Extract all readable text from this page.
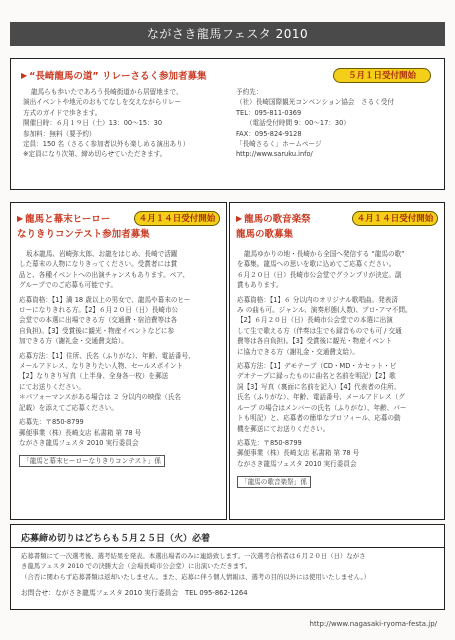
ながさき龍馬フェスタ 2010
▶ “長崎龍馬の道” リレーさるく参加者募集	５月１日受付開始

龍馬らも歩いたであろう長崎街道から居留地まで、

演出イベントや地元のおもてなしを交えながらリレー

方式のガイドで歩きます。

開催日時：６月１９日（土）13：00～15：30

参加料：無料（要予約）

定員：150 名（さるく参加者以外も楽しめる演出あり）

※定員になり次第、締め切らせていただきます。

予約先：

（社）長崎国際観光コンベンション協会　さるく受付

TEL：095-811-0369

　　（電話受付時間 9：00～17：30）

FAX：095-824-9128

「長崎さるく」ホームページ

http://www.saruku.info/

▶ 龍馬と幕末ヒーロー
なりきりコンテスト参加者募集
４月１４日受付開始

坂本龍馬、岩崎弥太郎、お龍をはじめ、長崎で活躍

した幕末の人物になりきってください。受賞者には賞

品と、各種イベントへの出演チャンスもあります。ペア、

グループでのご応募も可能です。

応募資格：【1】満 18 歳以上の男女で、龍馬や幕末のヒー

ローになりきれる方。【2】６月２０日（日）長崎市公

会堂での本選に出場できる方（交通費・宿泊費等は各

自負担)。【3】受賞後に観光・物産イベントなどに参

加できる方（謝礼金・交通費支給）。

応募方法：【1】住所、氏名（ふりがな）、年齢、電話番号、

メールアドレス、なりきりたい人物、セールスポイント

【2】なりきり写真（上半身、全身各一枚）を郵送

にてお送りください。

＊パフォーマンスがある場合は ２ 分以内の映像（氏名

記載）を添えてご応募ください。

応募先：〒850-8799

郵便事業（株）長崎支店 私書箱 第 78 号

ながさき龍馬フェスタ 2010 実行委員会

「龍馬と幕末ヒーローなりきりコンテスト」係
▶ 龍馬の歌音楽祭
龍馬の歌募集
４月１４日受付開始

龍馬ゆかりの地・長崎から全国へ発信する “龍馬の歌”

を募集。龍馬への思いを歌に込めてご応募ください。

６月２０日（日）長崎市公会堂でグランプリが決定。副

賞もあります。

応募資格：【1】６ 分以内のオリジナル歌唱曲。発表済

み の曲も可。ジャンル、演奏形態(人数)、プロ･アマ不問。

【2】６月２０日（日）長崎市公会堂での本選に出演

して生で歌える方（伴奏は生でも録音ものでも可 / 交通

費等は各自負担)。【3】受賞後に観光・物産イベント

に協力できる方（謝礼金・交通費支給）。

応募方法：【1】デモテープ（CD・MD・カセット・ビ

デオテープに録ったものに曲名と名前を明記）【2】歌

詞【3】写真（裏面に名前を記入）【4】代表者の住所、

氏名（ふりがな）、年齢、電話番号、メールアドレス（グ

ループ の場合はメンバーの氏名（ふりがな）、年齢、パー

トも明記）と、応募者の簡単なプロフィール、応募の動

機を郵送にてお送りください。

応募先：〒850-8799

郵便事業（株）長崎支店 私書箱 第 78 号

ながさき龍馬フェスタ 2010 実行委員会

「龍馬の歌音楽祭」係
応募締め切りはどちらも５月２５日（火）必着

応募書類にて一次選考後、選考結果を発表。本選出場者のみに連絡致します。一次選考合格者は６月２０日（日）ながさ

き龍馬フェスタ 2010 での決勝大会（会場長崎市公会堂）に出演いただきます。

（合否に関わらず応募書類は返却いたしません。また、応募に伴う個人情報は、選考の目的以外には使用いたしません。）

お問合せ：ながさき龍馬フェスタ 2010 実行委員会　TEL 095-862-1264

http://www.nagasaki-ryoma-festa.jp/
